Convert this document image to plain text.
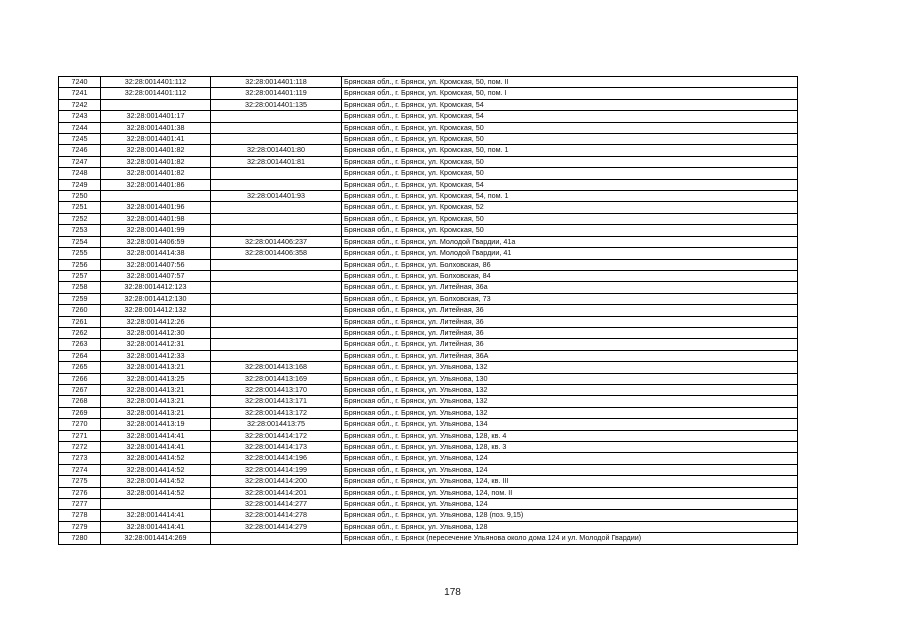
7240	32:28:0014401:112	32:28:0014401:118	Брянская обл., г. Брянск, ул. Кромская, 50, пом. II
7241	32:28:0014401:112	32:28:0014401:119	Брянская обл., г. Брянск, ул. Кромская, 50, пом. I
7242		32:28:0014401:135	Брянская обл., г. Брянск, ул. Кромская, 54
7243	32:28:0014401:17		Брянская обл., г. Брянск, ул. Кромская, 54
7244	32:28:0014401:38		Брянская обл., г. Брянск, ул. Кромская, 50
7245	32:28:0014401:41		Брянская обл., г. Брянск, ул. Кромская, 50
7246	32:28:0014401:82	32:28:0014401:80	Брянская обл., г. Брянск, ул. Кромская, 50, пом. 1
7247	32:28:0014401:82	32:28:0014401:81	Брянская обл., г. Брянск, ул. Кромская, 50
7248	32:28:0014401:82		Брянская обл., г. Брянск, ул. Кромская, 50
7249	32:28:0014401:86		Брянская обл., г. Брянск, ул. Кромская, 54
7250		32:28:0014401:93	Брянская обл., г. Брянск, ул. Кромская, 54, пом. 1
7251	32:28:0014401:96		Брянская обл., г. Брянск, ул. Кромская, 52
7252	32:28:0014401:98		Брянская обл., г. Брянск, ул. Кромская, 50
7253	32:28:0014401:99		Брянская обл., г. Брянск, ул. Кромская, 50
7254	32:28:0014406:59	32:28:0014406:237	Брянская обл., г. Брянск, ул. Молодой Гвардии, 41а
7255	32:28:0014414:38	32:28:0014406:358	Брянская обл., г. Брянск, ул. Молодой Гвардии, 41
7256	32:28:0014407:56		Брянская обл., г. Брянск, ул. Болховская, 86
7257	32:28:0014407:57		Брянская обл., г. Брянск, ул. Болховская, 84
7258	32:28:0014412:123		Брянская обл., г. Брянск, ул. Литейная, 36а
7259	32:28:0014412:130		Брянская обл., г. Брянск, ул. Болховская, 73
7260	32:28:0014412:132		Брянская обл., г. Брянск, ул. Литейная, 36
7261	32:28:0014412:26		Брянская обл., г. Брянск, ул. Литейная, 36
7262	32:28:0014412:30		Брянская обл., г. Брянск, ул. Литейная, 36
7263	32:28:0014412:31		Брянская обл., г. Брянск, ул. Литейная, 36
7264	32:28:0014412:33		Брянская обл., г. Брянск, ул. Литейная, 36А
7265	32:28:0014413:21	32:28:0014413:168	Брянская обл., г. Брянск, ул. Ульянова, 132
7266	32:28:0014413:25	32:28:0014413:169	Брянская обл., г. Брянск, ул. Ульянова, 130
7267	32:28:0014413:21	32:28:0014413:170	Брянская обл., г. Брянск, ул. Ульянова, 132
7268	32:28:0014413:21	32:28:0014413:171	Брянская обл., г. Брянск, ул. Ульянова, 132
7269	32:28:0014413:21	32:28:0014413:172	Брянская обл., г. Брянск, ул. Ульянова, 132
7270	32:28:0014413:19	32:28:0014413:75	Брянская обл., г. Брянск, ул. Ульянова, 134
7271	32:28:0014414:41	32:28:0014414:172	Брянская обл., г. Брянск, ул. Ульянова, 128, кв. 4
7272	32:28:0014414:41	32:28:0014414:173	Брянская обл., г. Брянск, ул. Ульянова, 128, кв. 3
7273	32:28:0014414:52	32:28:0014414:196	Брянская обл., г. Брянск, ул. Ульянова, 124
7274	32:28:0014414:52	32:28:0014414:199	Брянская обл., г. Брянск, ул. Ульянова, 124
7275	32:28:0014414:52	32:28:0014414:200	Брянская обл., г. Брянск, ул. Ульянова, 124, кв. III
7276	32:28:0014414:52	32:28:0014414:201	Брянская обл., г. Брянск, ул. Ульянова, 124, пом. II
7277		32:28:0014414:277	Брянская обл., г. Брянск, ул. Ульянова, 124
7278	32:28:0014414:41	32:28:0014414:278	Брянская обл., г. Брянск, ул. Ульянова, 128 (поз. 9,15)
7279	32:28:0014414:41	32:28:0014414:279	Брянская обл., г. Брянск, ул. Ульянова, 128
7280	32:28:0014414:269		Брянская обл., г. Брянск (пересечение Ульянова около дома 124 и ул. Молодой Гвардии)
178
